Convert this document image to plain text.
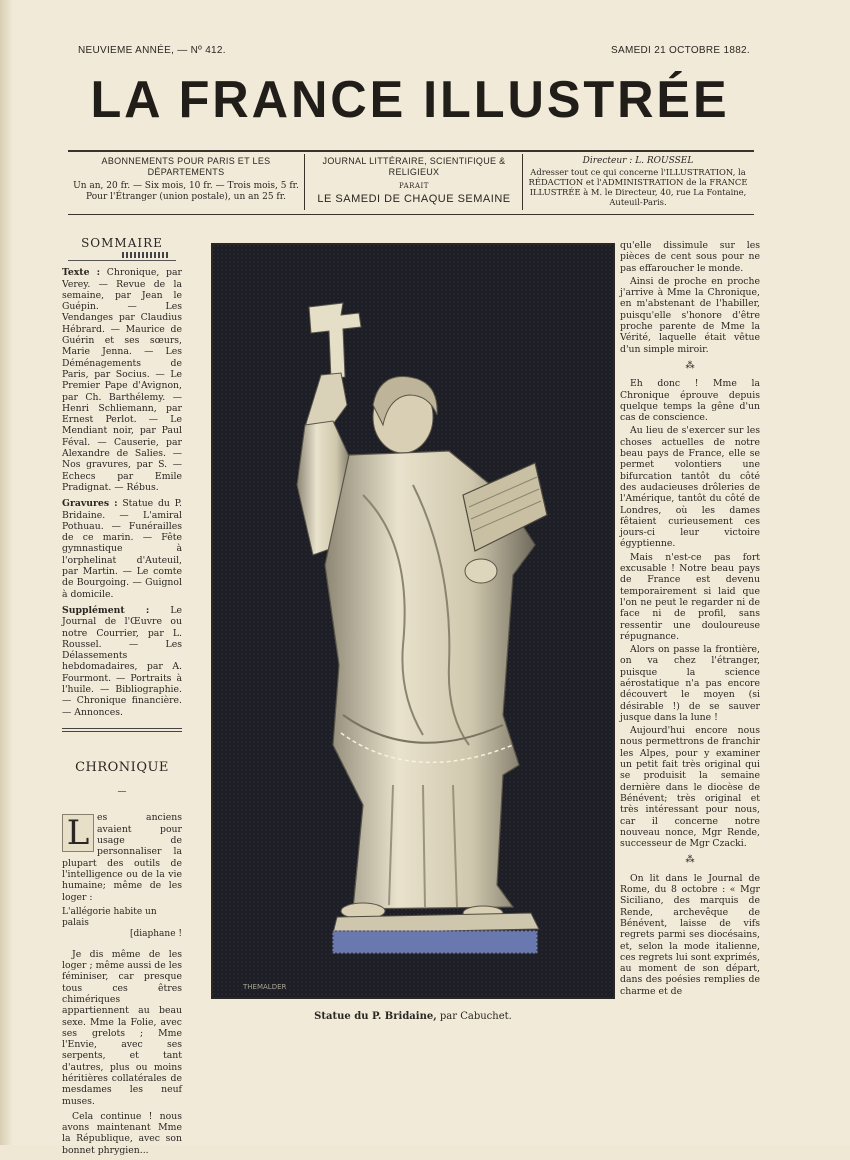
NEUVIEME ANNÉE, — Nº 412.	SAMEDI 21 OCTOBRE 1882.
LA FRANCE ILLUSTRÉE
ABONNEMENTS POUR PARIS ET LES DÉPARTEMENTS
Un an, 20 fr. — Six mois, 10 fr. — Trois mois, 5 fr.
Pour l'Étranger (union postale), un an 25 fr.
JOURNAL LITTÉRAIRE, SCIENTIFIQUE & RELIGIEUX
PARAIT
LE SAMEDI DE CHAQUE SEMAINE
Directeur : L. ROUSSEL
Adresser tout ce qui concerne l'ILLUSTRATION, la RÉDACTION et l'ADMINISTRATION de la FRANCE ILLUSTRÉE à M. le Directeur, 40, rue La Fontaine, Auteuil-Paris.
SOMMAIRE
Texte : Chronique, par Verey. — Revue de la semaine, par Jean le Guépin. — Les Vendanges par Claudius Hébrard. — Maurice de Guérin et ses sœurs, Marie Jenna. — Les Déménagements de Paris, par Socius. — Le Premier Pape d'Avignon, par Ch. Barthélemy. — Henri Schliemann, par Ernest Perlot. — Le Mendiant noir, par Paul Féval. — Causerie, par Alexandre de Salies. — Nos gravures, par S. — Echecs par Emile Pradignat. — Rébus.
Gravures : Statue du P. Bridaine. — L'amiral Pothuau. — Funérailles de ce marin. — Fête gymnastique à l'orphelinat d'Auteuil, par Martin. — Le comte de Bourgoing. — Guignol à domicile.
Supplément : Le Journal de l'Œuvre ou notre Courrier, par L. Roussel. — Les Délassements hebdomadaires, par A. Fourmont. — Portraits à l'huile. — Bibliographie. — Chronique financière. — Annonces.
CHRONIQUE
—

L es anciens avaient pour usage de personnaliser la plupart des outils de l'intelligence ou de la vie humaine; même de les loger :

L'allégorie habite un palais
[diaphane !

Je dis même de les loger ; même aussi de les féminiser, car presque tous ces êtres chimériques appartiennent au beau sexe. Mme la Folie, avec ses grelots ; Mme l'Envie, avec ses serpents, et tant d'autres, plus ou moins héritières collatérales de mesdames les neuf muses.

Cela continue ! nous avons maintenant Mme la République, avec son bonnet phrygien...

THEMALDER
Statue du P. Bridaine, par Cabuchet.

qu'elle dissimule sur les pièces de cent sous pour ne pas effaroucher le monde.

Ainsi de proche en proche j'arrive à Mme la Chronique, en m'abstenant de l'habiller, puisqu'elle s'honore d'être proche parente de Mme la Vérité, laquelle était vêtue d'un simple miroir.

⁂

Eh donc ! Mme la Chronique éprouve depuis quelque temps la gêne d'un cas de conscience.

Au lieu de s'exercer sur les choses actuelles de notre beau pays de France, elle se permet volontiers une bifurcation tantôt du côté des audacieuses drôleries de l'Amérique, tantôt du côté de Londres, où les dames fêtaient curieusement ces jours-ci leur victoire égyptienne.

Mais n'est-ce pas fort excusable ! Notre beau pays de France est devenu temporairement si laid que l'on ne peut le regarder ni de face ni de profil, sans ressentir une douloureuse répugnance.

Alors on passe la frontière, on va chez l'étranger, puisque la science aérostatique n'a pas encore découvert le moyen (si désirable !) de se sauver jusque dans la lune !

Aujourd'hui encore nous nous permettrons de franchir les Alpes, pour y examiner un petit fait très original qui se produisit la semaine dernière dans le diocèse de Bénévent; très original et très intéressant pour nous, car il concerne notre nouveau nonce, Mgr Rende, successeur de Mgr Czacki.

⁂

On lit dans le Journal de Rome, du 8 octobre : « Mgr Siciliano, des marquis de Rende, archevêque de Bénévent, laisse de vifs regrets parmi ses diocésains, et, selon la mode italienne, ces regrets lui sont exprimés, au moment de son départ, dans des poésies remplies de charme et de
